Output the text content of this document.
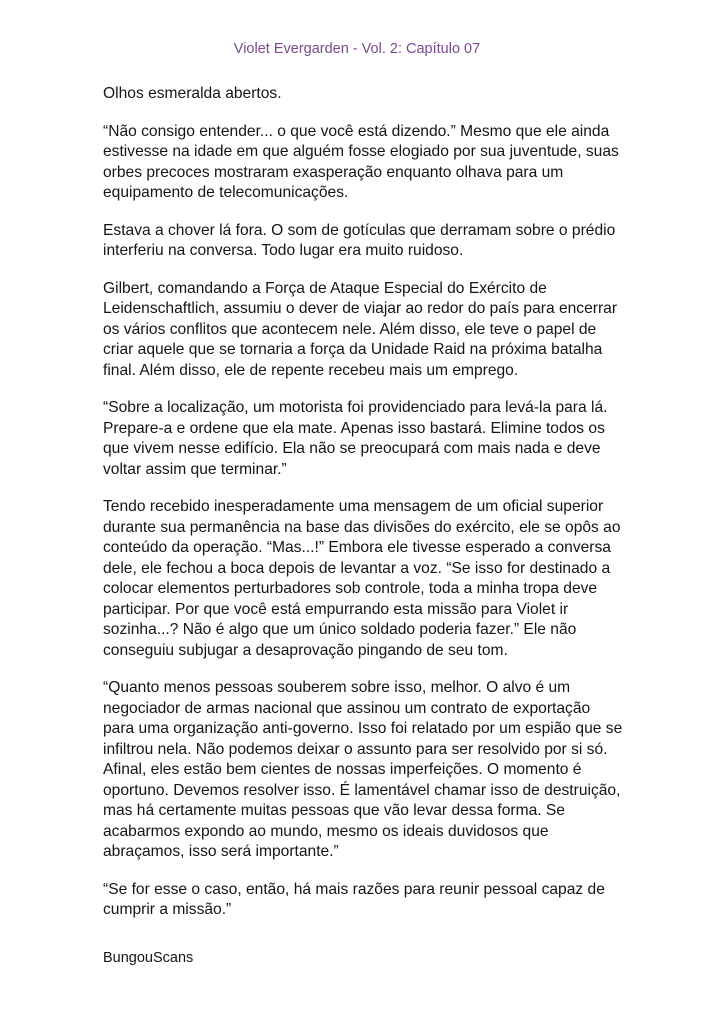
Violet Evergarden - Vol. 2: Capítulo 07

Olhos esmeralda abertos.

“Não consigo entender... o que você está dizendo.” Mesmo que ele ainda estivesse na idade em que alguém fosse elogiado por sua juventude, suas orbes precoces mostraram exasperação enquanto olhava para um equipamento de telecomunicações.

Estava a chover lá fora. O som de gotículas que derramam sobre o prédio interferiu na conversa. Todo lugar era muito ruidoso.

Gilbert, comandando a Força de Ataque Especial do Exército de Leidenschaftlich, assumiu o dever de viajar ao redor do país para encerrar os vários conflitos que acontecem nele. Além disso, ele teve o papel de criar aquele que se tornaria a força da Unidade Raid na próxima batalha final. Além disso, ele de repente recebeu mais um emprego.

“Sobre a localização, um motorista foi providenciado para levá-la para lá. Prepare-a e ordene que ela mate. Apenas isso bastará. Elimine todos os que vivem nesse edifício. Ela não se preocupará com mais nada e deve voltar assim que terminar.”

Tendo recebido inesperadamente uma mensagem de um oficial superior durante sua permanência na base das divisões do exército, ele se opôs ao conteúdo da operação. “Mas...!” Embora ele tivesse esperado a conversa dele, ele fechou a boca depois de levantar a voz. “Se isso for destinado a colocar elementos perturbadores sob controle, toda a minha tropa deve participar. Por que você está empurrando esta missão para Violet ir sozinha...? Não é algo que um único soldado poderia fazer.” Ele não conseguiu subjugar a desaprovação pingando de seu tom.

“Quanto menos pessoas souberem sobre isso, melhor. O alvo é um negociador de armas nacional que assinou um contrato de exportação para uma organização anti-governo. Isso foi relatado por um espião que se infiltrou nela. Não podemos deixar o assunto para ser resolvido por si só. Afinal, eles estão bem cientes de nossas imperfeições. O momento é oportuno. Devemos resolver isso. É lamentável chamar isso de destruição, mas há certamente muitas pessoas que vão levar dessa forma. Se acabarmos expondo ao mundo, mesmo os ideais duvidosos que abraçamos, isso será importante.”

“Se for esse o caso, então, há mais razões para reunir pessoal capaz de cumprir a missão.”

BungouScans
